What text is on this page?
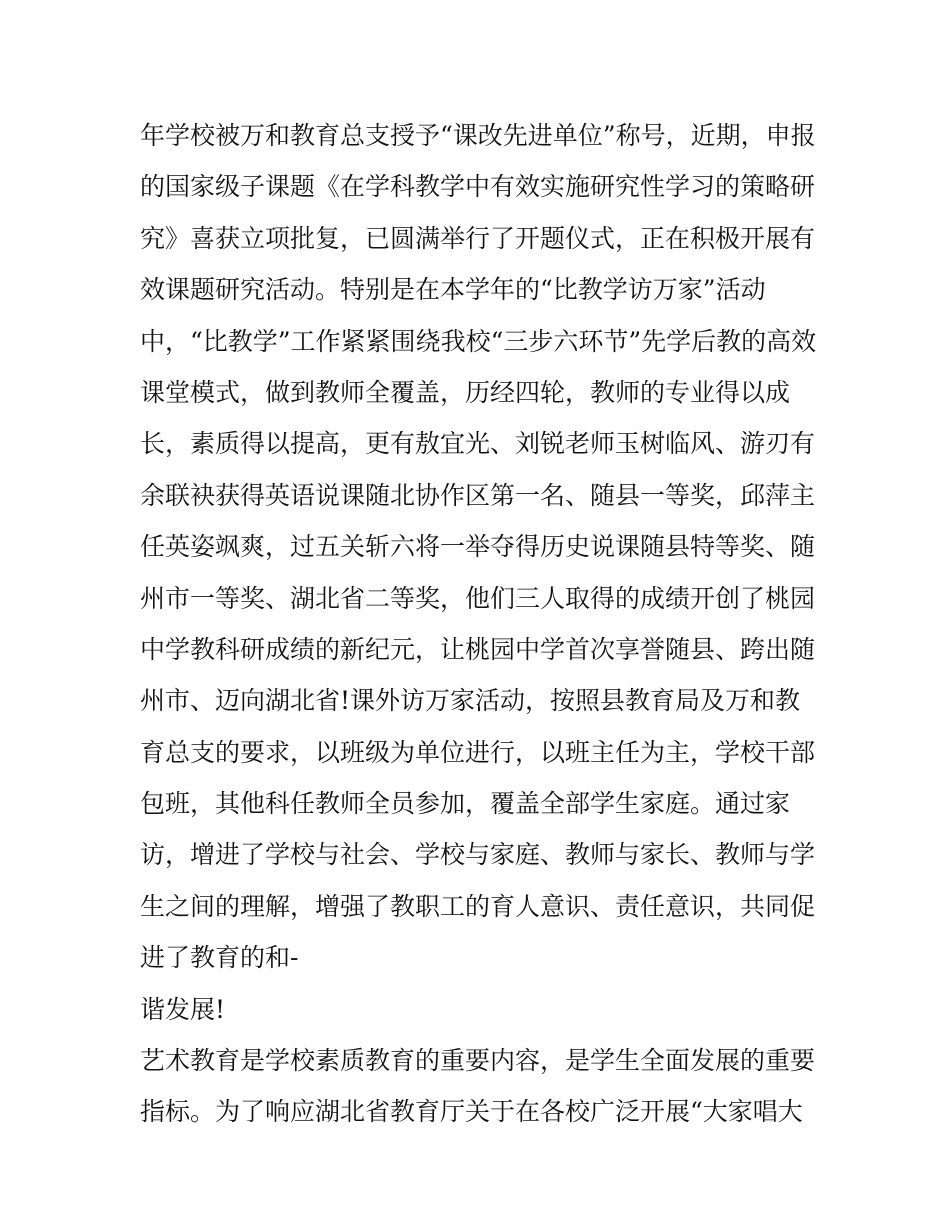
年学校被万和教育总支授予“课改先进单位”称号，近期，申报
的国家级子课题《在学科教学中有效实施研究性学习的策略研
究》喜获立项批复，已圆满举行了开题仪式，正在积极开展有
效课题研究活动。特别是在本学年的“比教学访万家”活动
中，“比教学”工作紧紧围绕我校“三步六环节”先学后教的高效
课堂模式，做到教师全覆盖，历经四轮，教师的专业得以成
长，素质得以提高，更有敖宜光、刘锐老师玉树临风、游刃有
余联袂获得英语说课随北协作区第一名、随县一等奖，邱萍主
任英姿飒爽，过五关斩六将一举夺得历史说课随县特等奖、随
州市一等奖、湖北省二等奖，他们三人取得的成绩开创了桃园
中学教科研成绩的新纪元，让桃园中学首次享誉随县、跨出随
州市、迈向湖北省!课外访万家活动，按照县教育局及万和教
育总支的要求，以班级为单位进行，以班主任为主，学校干部
包班，其他科任教师全员参加，覆盖全部学生家庭。通过家
访，增进了学校与社会、学校与家庭、教师与家长、教师与学
生之间的理解，增强了教职工的育人意识、责任意识，共同促
进了教育的和-
谐发展!
艺术教育是学校素质教育的重要内容，是学生全面发展的重要
指标。为了响应湖北省教育厅关于在各校广泛开展“大家唱大
